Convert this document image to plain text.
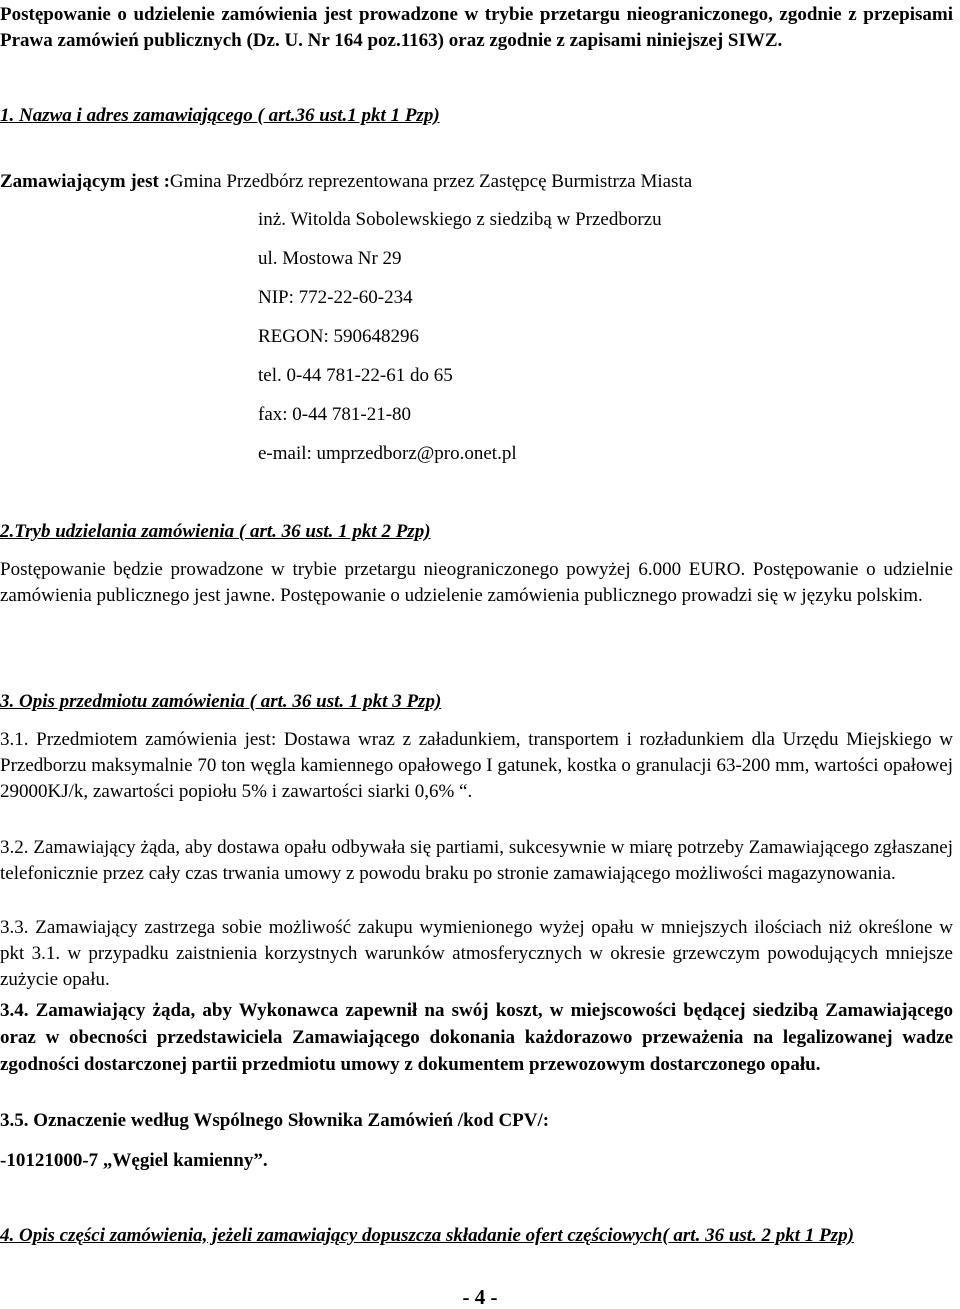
Postępowanie o udzielenie zamówienia jest prowadzone w trybie przetargu nieograniczonego, zgodnie z przepisami Prawa zamówień publicznych (Dz. U. Nr 164 poz.1163) oraz zgodnie z zapisami niniejszej SIWZ.

1. Nazwa i adres zamawiającego ( art.36 ust.1 pkt 1 Pzp)

Zamawiającym jest :Gmina Przedbórz reprezentowana przez Zastępcę Burmistrza Miasta

inż. Witolda Sobolewskiego z siedzibą w Przedborzu

ul. Mostowa Nr 29

NIP: 772-22-60-234

REGON: 590648296

tel. 0-44 781-22-61 do 65

fax: 0-44 781-21-80

e-mail: umprzedborz@pro.onet.pl

2.Tryb udzielania zamówienia ( art. 36 ust. 1 pkt 2 Pzp)

Postępowanie będzie prowadzone w trybie przetargu nieograniczonego powyżej 6.000 EURO. Postępowanie o udzielnie zamówienia publicznego jest jawne. Postępowanie o udzielenie zamówienia publicznego prowadzi się w języku polskim.

3. Opis przedmiotu zamówienia ( art. 36 ust. 1 pkt 3 Pzp)

3.1. Przedmiotem zamówienia jest: Dostawa wraz z załadunkiem, transportem i rozładunkiem dla Urzędu Miejskiego w Przedborzu maksymalnie 70 ton węgla kamiennego opałowego I gatunek, kostka o granulacji 63-200 mm, wartości opałowej 29000KJ/k, zawartości popiołu 5% i zawartości siarki 0,6% “.

3.2. Zamawiający żąda, aby dostawa opału odbywała się partiami, sukcesywnie w miarę potrzeby Zamawiającego zgłaszanej telefonicznie przez cały czas trwania umowy z powodu braku po stronie zamawiającego możliwości magazynowania.

3.3. Zamawiający zastrzega sobie możliwość zakupu wymienionego wyżej opału w mniejszych ilościach niż określone w pkt 3.1. w przypadku zaistnienia korzystnych warunków atmosferycznych w okresie grzewczym powodujących mniejsze zużycie opału.

3.4. Zamawiający żąda, aby Wykonawca zapewnił na swój koszt, w miejscowości będącej siedzibą Zamawiającego oraz w obecności przedstawiciela Zamawiającego dokonania każdorazowo przeważenia na legalizowanej wadze zgodności dostarczonej partii przedmiotu umowy z dokumentem przewozowym dostarczonego opału.

3.5. Oznaczenie według Wspólnego Słownika Zamówień /kod CPV/:

-10121000-7 „Węgiel kamienny”.

4. Opis części zamówienia, jeżeli zamawiający dopuszcza składanie ofert częściowych( art. 36 ust. 2 pkt 1 Pzp)

- 4 -
